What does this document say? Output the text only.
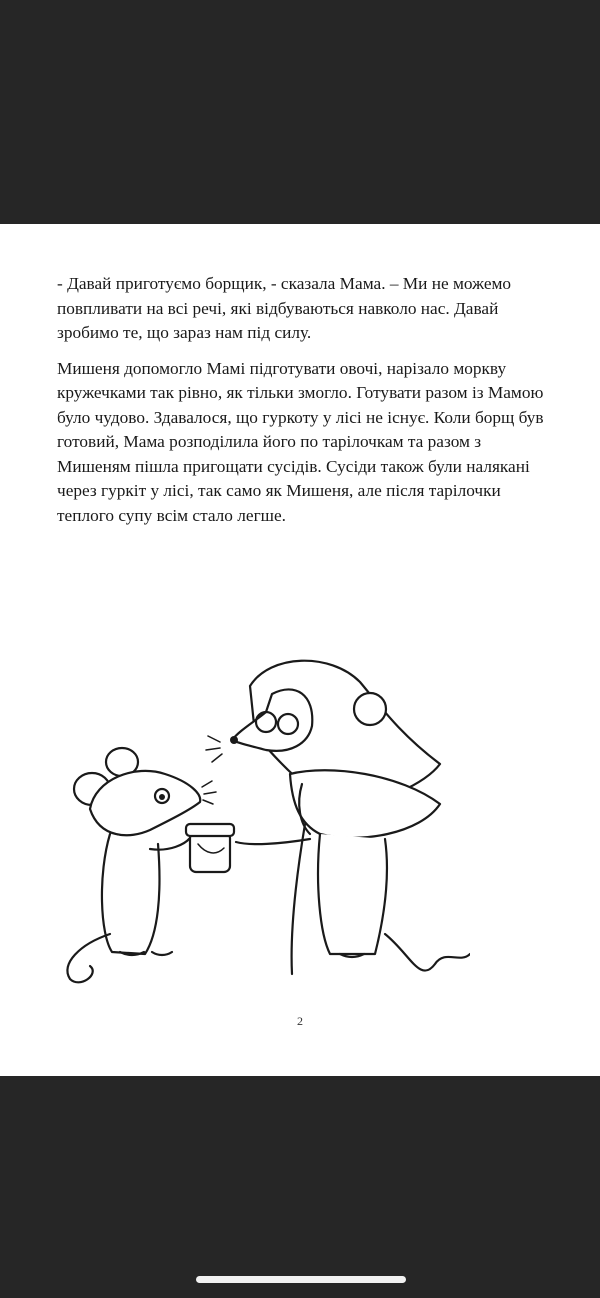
- Давай приготуємо борщик, - сказала Мама. – Ми не можемо повпливати на всі речі, які відбуваються навколо нас. Давай зробимо те, що зараз нам під силу.

Мишеня допомогло Мамі підготувати овочі, нарізало моркву кружечками так рівно, як тільки змогло. Готувати разом із Мамою було чудово. Здавалося, що гуркоту у лісі не існує. Коли борщ був готовий, Мама розподілила його по тарілочкам та разом з Мишеням пішла пригощати сусідів. Сусіди також були налякані через гуркіт у лісі, так само як Мишеня, але після тарілочки теплого супу всім стало легше.

2
